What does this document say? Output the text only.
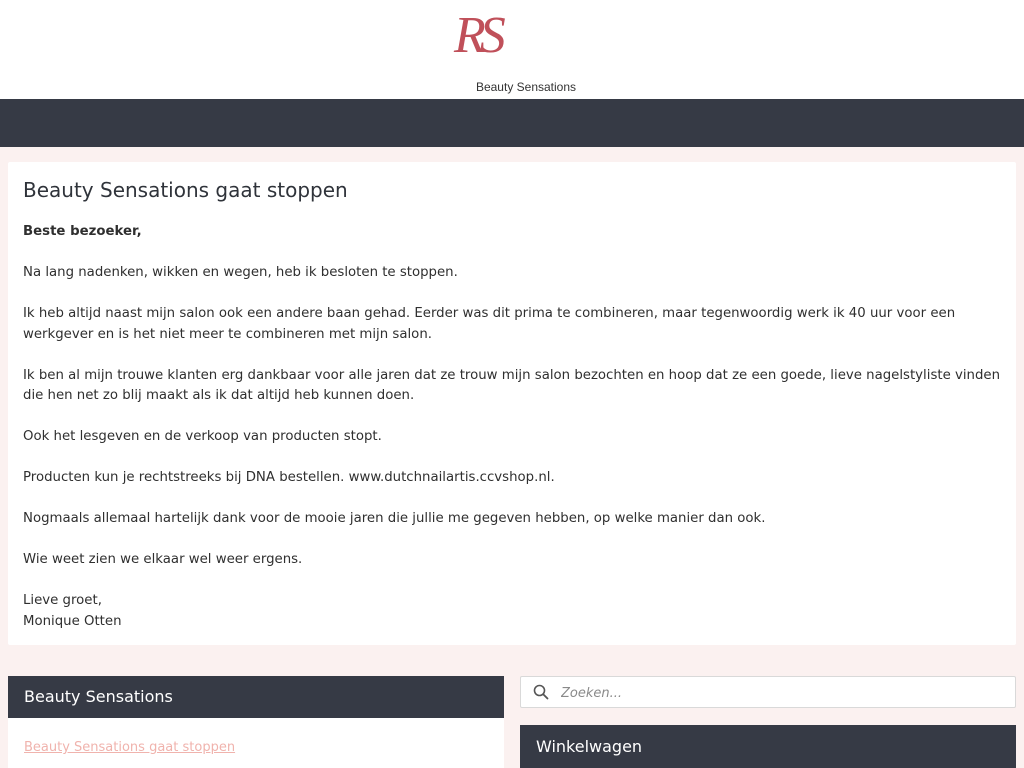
RS
Beauty Sensations
Beauty Sensations gaat stoppen

Beste bezoeker,

Na lang nadenken, wikken en wegen, heb ik besloten te stoppen.

Ik heb altijd naast mijn salon ook een andere baan gehad. Eerder was dit prima te combineren, maar tegenwoordig werk ik 40 uur voor een werkgever en is het niet meer te combineren met mijn salon.

Ik ben al mijn trouwe klanten erg dankbaar voor alle jaren dat ze trouw mijn salon bezochten en hoop dat ze een goede, lieve nagelstyliste vinden die hen net zo blij maakt als ik dat altijd heb kunnen doen.

Ook het lesgeven en de verkoop van producten stopt.

Producten kun je rechtstreeks bij DNA bestellen. www.dutchnailartis.ccvshop.nl.

Nogmaals allemaal hartelijk dank voor de mooie jaren die jullie me gegeven hebben, op welke manier dan ook.

Wie weet zien we elkaar wel weer ergens.

Lieve groet,

Monique Otten

Beauty Sensations
Beauty Sensations gaat stoppen
Zoeken...	Winkelwagen
